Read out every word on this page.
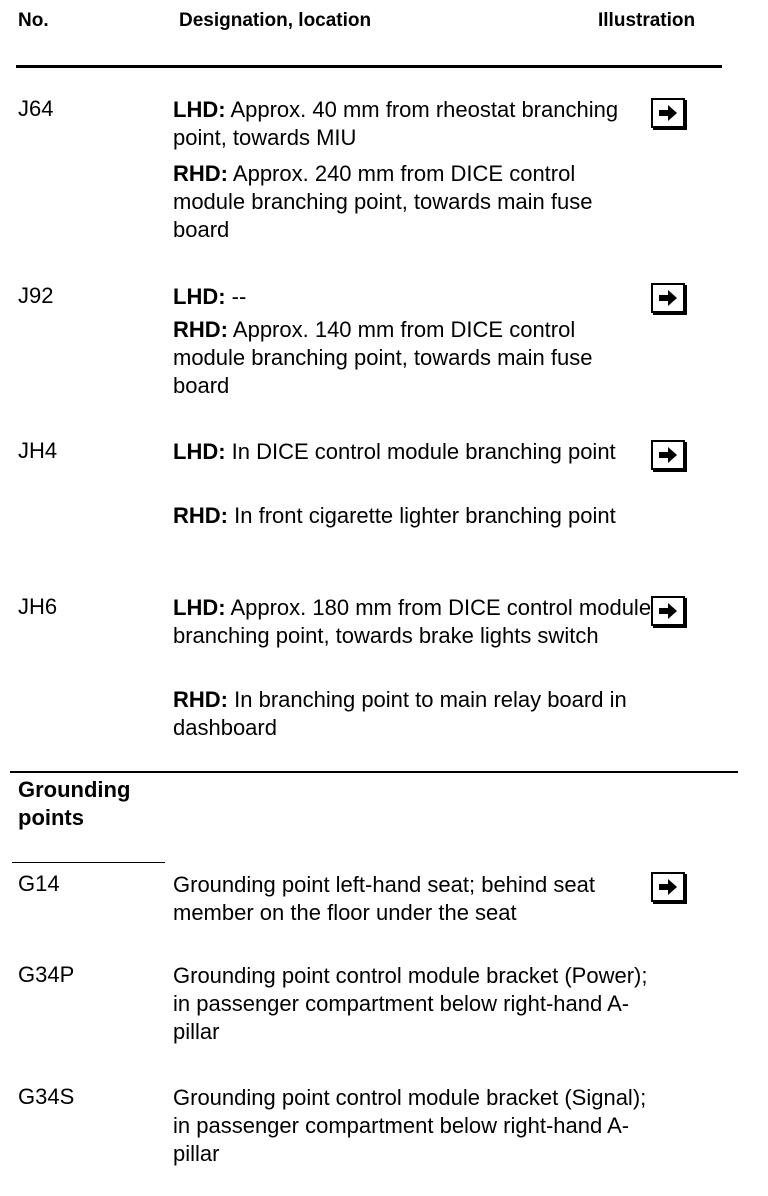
No.	Designation, location	Illustration
J64	LHD: Approx. 40 mm from rheostat branching point, towards MIU
RHD: Approx. 240 mm from DICE control module branching point, towards main fuse board
J92	LHD: --
RHD: Approx. 140 mm from DICE control module branching point, towards main fuse board
JH4	LHD: In DICE control module branching point
RHD: In front cigarette lighter branching point
JH6	LHD: Approx. 180 mm from DICE control module branching point, towards brake lights switch
RHD: In branching point to main relay board in dashboard
Grounding points
G14	Grounding point left-hand seat; behind seat member on the floor under the seat
G34P	Grounding point control module bracket (Power); in passenger compartment below right-hand A-pillar
G34S	Grounding point control module bracket (Signal); in passenger compartment below right-hand A-pillar
